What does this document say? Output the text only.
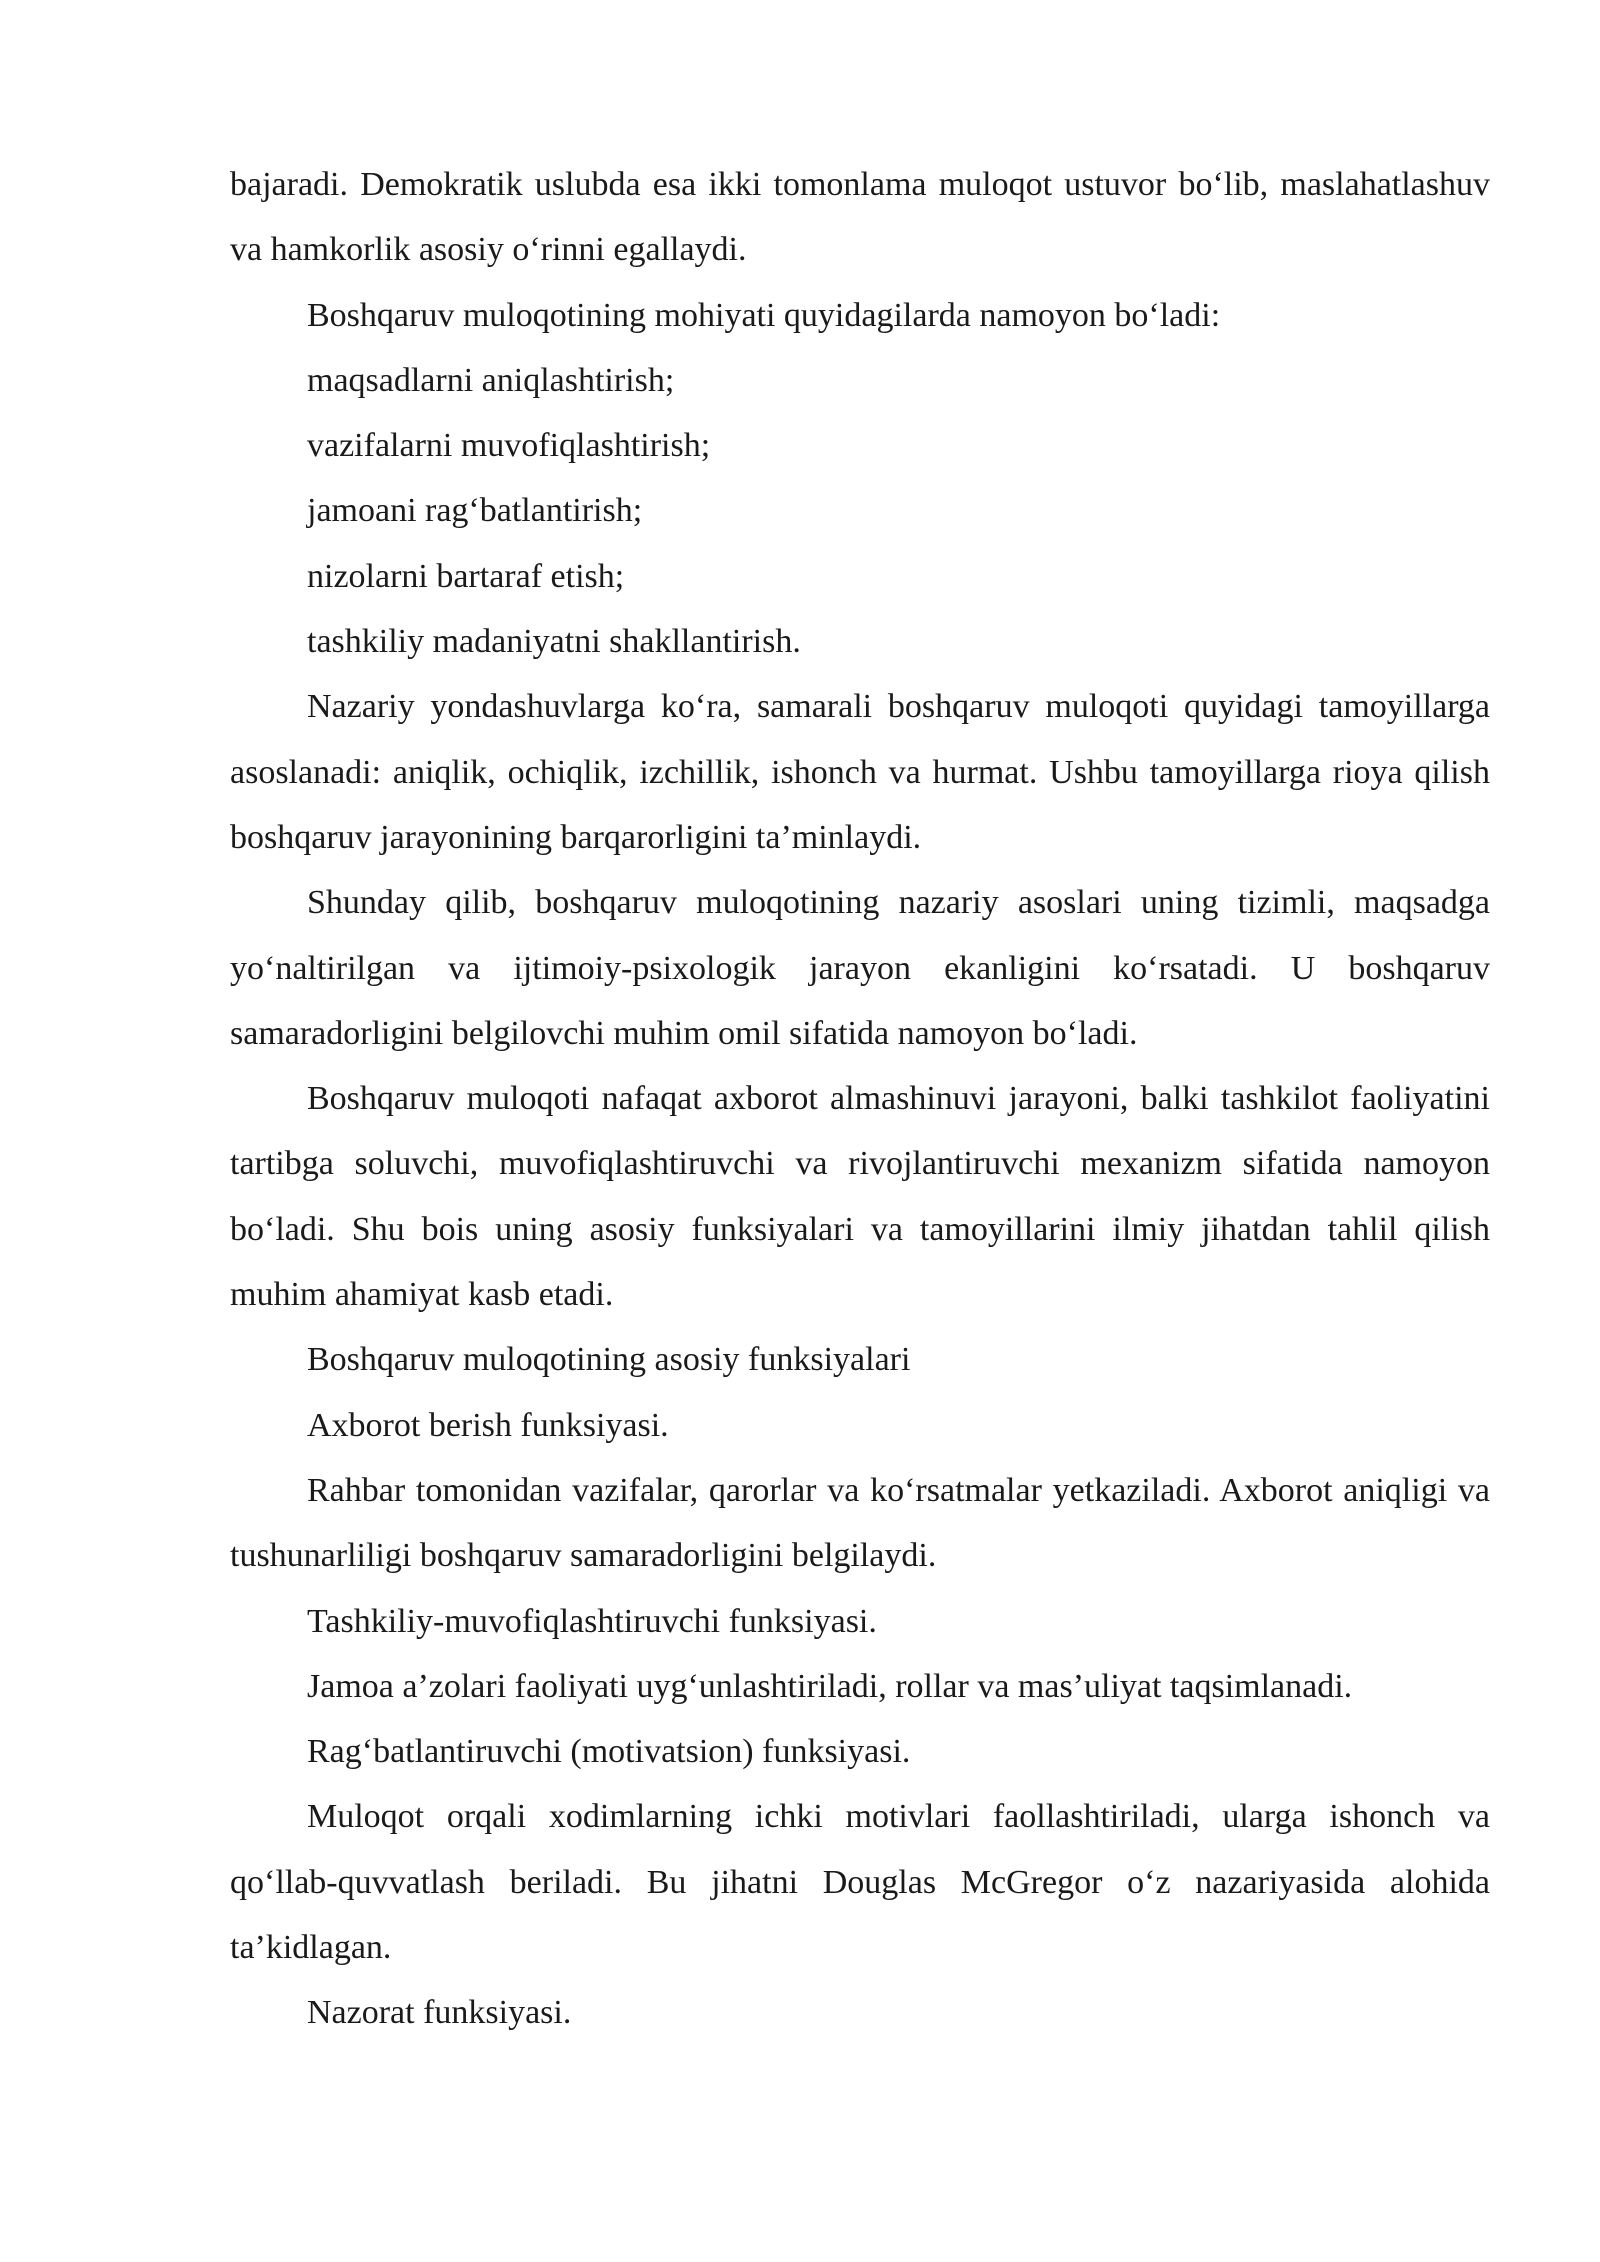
bajaradi. Demokratik uslubda esa ikki tomonlama muloqot ustuvor bo‘lib, maslahatlashuv va hamkorlik asosiy o‘rinni egallaydi.

Boshqaruv muloqotining mohiyati quyidagilarda namoyon bo‘ladi:

maqsadlarni aniqlashtirish;

vazifalarni muvofiqlashtirish;

jamoani rag‘batlantirish;

nizolarni bartaraf etish;

tashkiliy madaniyatni shakllantirish.

Nazariy yondashuvlarga ko‘ra, samarali boshqaruv muloqoti quyidagi tamoyillarga asoslanadi: aniqlik, ochiqlik, izchillik, ishonch va hurmat. Ushbu tamoyillarga rioya qilish boshqaruv jarayonining barqarorligini ta’minlaydi.

Shunday qilib, boshqaruv muloqotining nazariy asoslari uning tizimli, maqsadga yo‘naltirilgan va ijtimoiy-psixologik jarayon ekanligini ko‘rsatadi. U boshqaruv samaradorligini belgilovchi muhim omil sifatida namoyon bo‘ladi.

Boshqaruv muloqoti nafaqat axborot almashinuvi jarayoni, balki tashkilot faoliyatini tartibga soluvchi, muvofiqlashtiruvchi va rivojlantiruvchi mexanizm sifatida namoyon bo‘ladi. Shu bois uning asosiy funksiyalari va tamoyillarini ilmiy jihatdan tahlil qilish muhim ahamiyat kasb etadi.

Boshqaruv muloqotining asosiy funksiyalari

Axborot berish funksiyasi.

Rahbar tomonidan vazifalar, qarorlar va ko‘rsatmalar yetkaziladi. Axborot aniqligi va tushunarliligi boshqaruv samaradorligini belgilaydi.

Tashkiliy-muvofiqlashtiruvchi funksiyasi.

Jamoa a’zolari faoliyati uyg‘unlashtiriladi, rollar va mas’uliyat taqsimlanadi.

Rag‘batlantiruvchi (motivatsion) funksiyasi.

Muloqot orqali xodimlarning ichki motivlari faollashtiriladi, ularga ishonch va qo‘llab-quvvatlash beriladi. Bu jihatni Douglas McGregor o‘z nazariyasida alohida ta’kidlagan.

Nazorat funksiyasi.
